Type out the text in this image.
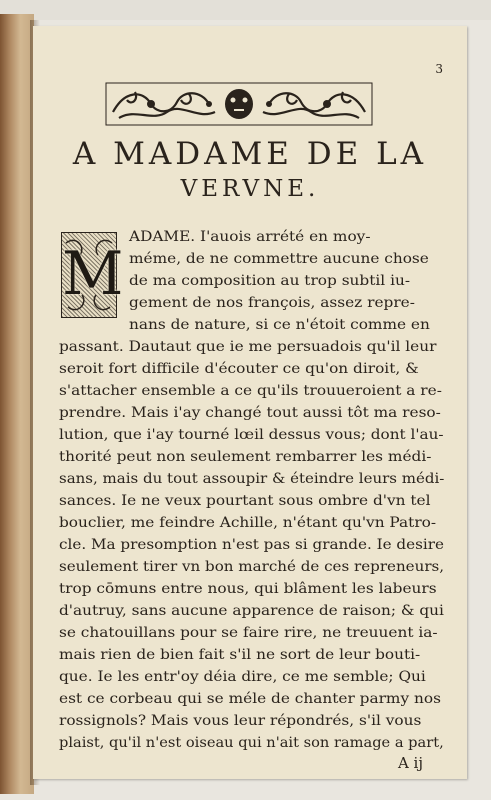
3
A MADAME DE LA
VERVNE.
M
ADAME. I'auois arrété en moy-
méme, de ne commettre aucune chose
de ma composition au trop subtil iu-
gement de nos françois, assez repre-
nans de nature, si ce n'étoit comme en
passant. Dautaut que ie me persuadois qu'il leur
seroit fort difficile d'écouter ce qu'on diroit, &
s'attacher ensemble a ce qu'ils trouueroient a re-
prendre. Mais i'ay changé tout aussi tôt ma reso-
lution, que i'ay tourné lœil dessus vous; dont l'au-
thorité peut non seulement rembarrer les médi-
sans, mais du tout assoupir & éteindre leurs médi-
sances. Ie ne veux pourtant sous ombre d'vn tel
bouclier, me feindre Achille, n'étant qu'vn Patro-
cle. Ma presomption n'est pas si grande. Ie desire
seulement tirer vn bon marché de ces repreneurs,
trop cōmuns entre nous, qui blâment les labeurs
d'autruy, sans aucune apparence de raison; & qui
se chatouillans pour se faire rire, ne treuuent ia-
mais rien de bien fait s'il ne sort de leur bouti-
que. Ie les entr'oy déia dire, ce me semble; Qui
est ce corbeau qui se méle de chanter parmy nos
rossignols? Mais vous leur répondrés, s'il vous
plaist, qu'il n'est oiseau qui n'ait son ramage a part,
A ij
